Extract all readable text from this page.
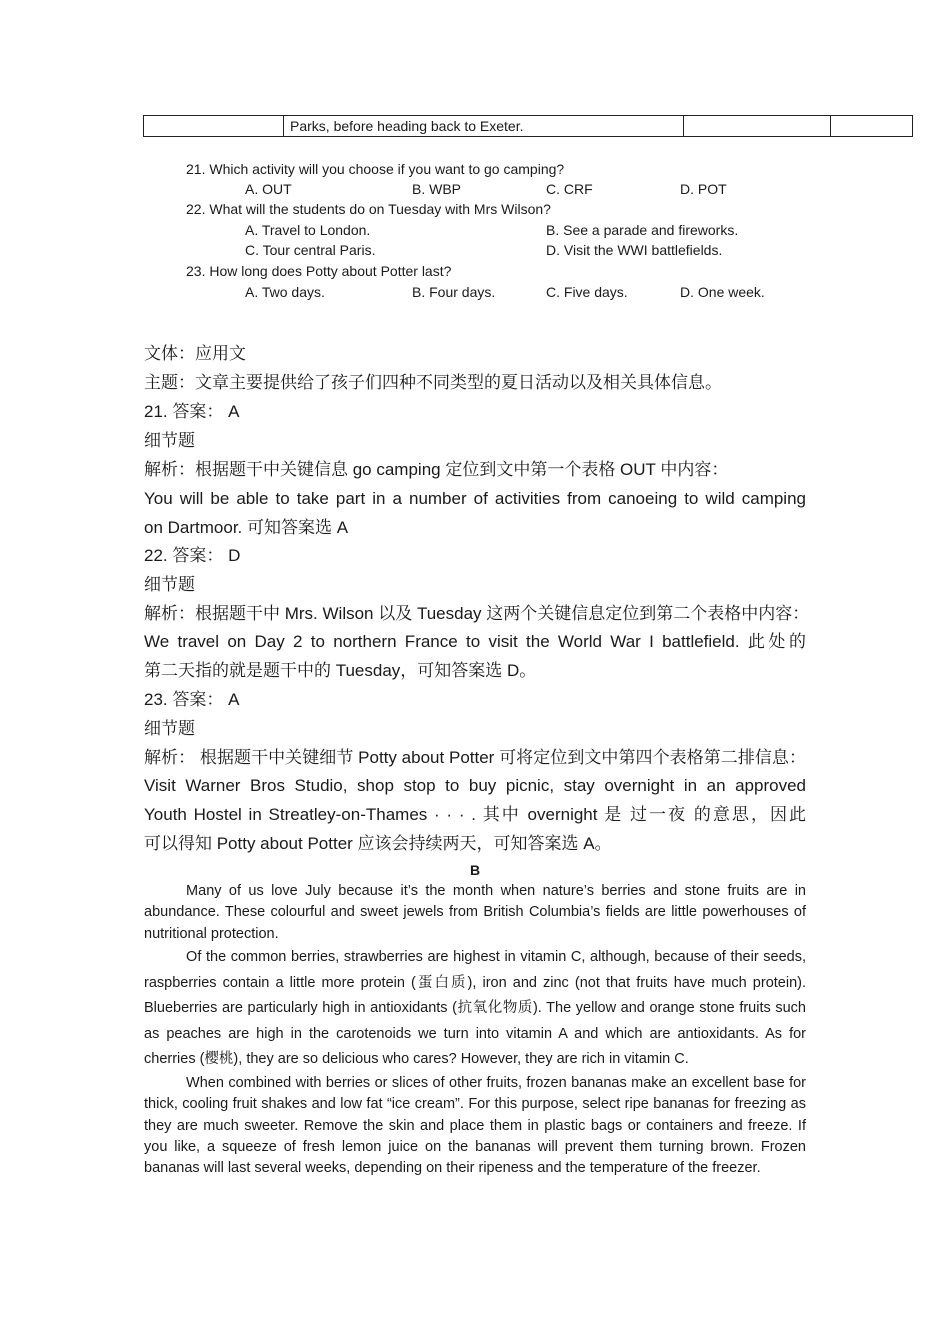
	Parks, before heading back to Exeter.		
21. Which activity will you choose if you want to go camping?
A. OUT	B. WBP	C. CRF	D. POT
22. What will the students do on Tuesday with Mrs Wilson?
A. Travel to London.	B. See a parade and fireworks.
C. Tour central Paris.	D. Visit the WWI battlefields.
23. How long does Potty about Potter last?
A. Two days.	B. Four days.	C. Five days.	D. One week.
文体：应用文
主题：文章主要提供给了孩子们四种不同类型的夏日活动以及相关具体信息。
21. 答案： A
细节题
解析：根据题干中关键信息 go camping 定位到文中第一个表格 OUT 中内容：
You will be able to take part in a number of activities from canoeing to wild camping
on Dartmoor. 可知答案选 A
22. 答案： D
细节题
解析：根据题干中 Mrs. Wilson 以及 Tuesday 这两个关键信息定位到第二个表格中内容：
We travel on Day 2 to northern France to visit the World War I battlefield. 此处的
第二天指的就是题干中的 Tuesday，可知答案选 D。
23. 答案： A
细节题
解析： 根据题干中关键细节 Potty about Potter 可将定位到文中第四个表格第二排信息：
Visit Warner Bros Studio, shop stop to buy picnic, stay overnight in an approved
Youth Hostel in Streatley-on-Thames · · · . 其中 overnight 是 过一夜 的意思，因此
可以得知 Potty about Potter 应该会持续两天，可知答案选 A。
B

Many of us love July because it’s the month when nature’s berries and stone fruits are in abundance. These colourful and sweet jewels from British Columbia’s fields are little powerhouses of nutritional protection.

Of the common berries, strawberries are highest in vitamin C, although, because of their seeds, raspberries contain a little more protein (蛋白质), iron and zinc (not that fruits have much protein). Blueberries are particularly high in antioxidants (抗氧化物质). The yellow and orange stone fruits such as peaches are high in the carotenoids we turn into vitamin A and which are antioxidants. As for cherries (樱桃), they are so delicious who cares? However, they are rich in vitamin C.

When combined with berries or slices of other fruits, frozen bananas make an excellent base for thick, cooling fruit shakes and low fat “ice cream”. For this purpose, select ripe bananas for freezing as they are much sweeter. Remove the skin and place them in plastic bags or containers and freeze. If you like, a squeeze of fresh lemon juice on the bananas will prevent them turning brown. Frozen bananas will last several weeks, depending on their ripeness and the temperature of the freezer.
